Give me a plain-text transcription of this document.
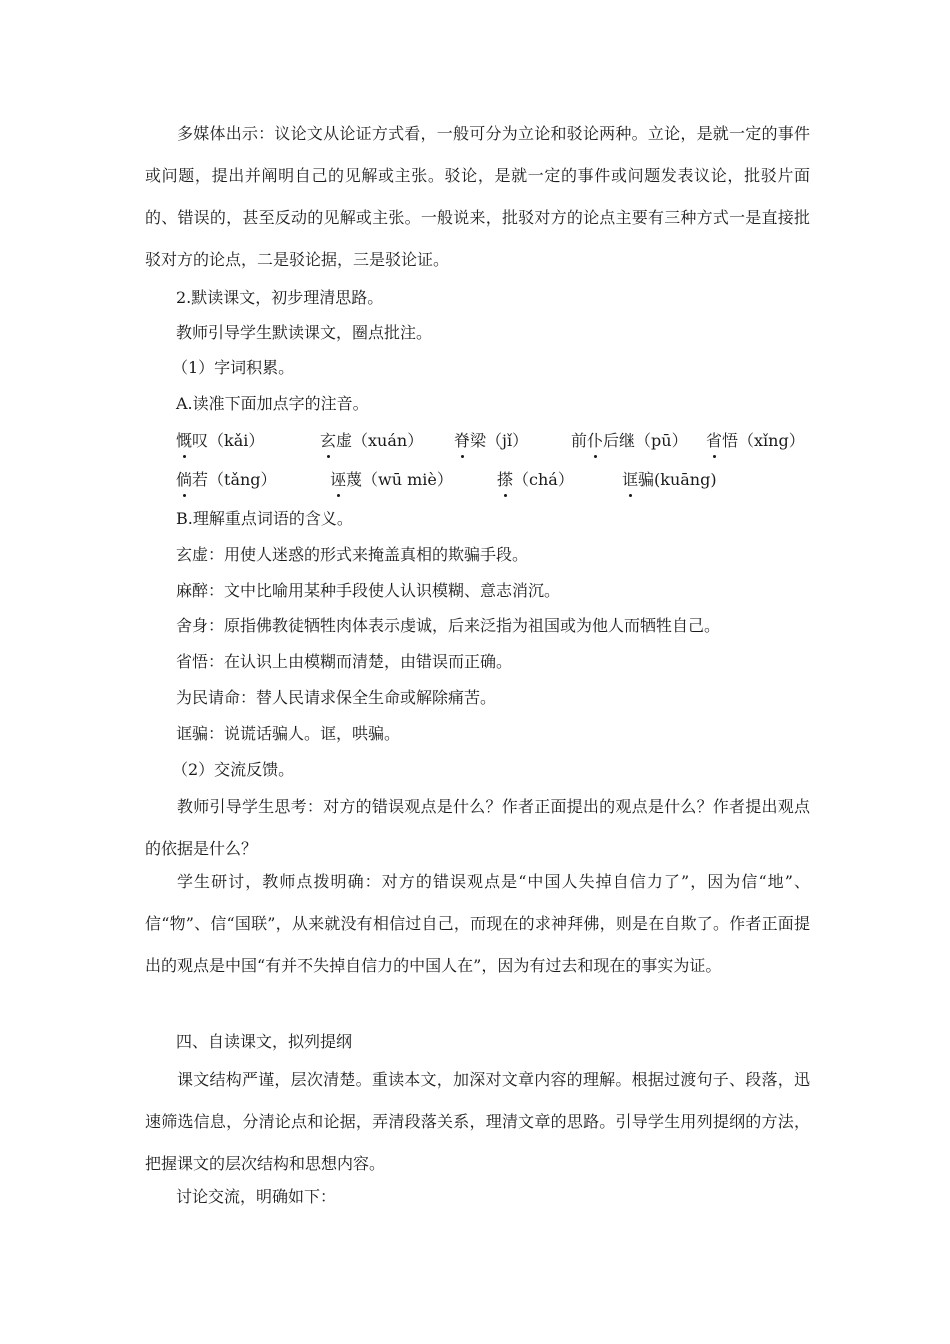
多媒体出示：议论文从论证方式看，一般可分为立论和驳论两种。立论，是就一定的事件或问题，提出并阐明自己的见解或主张。驳论，是就一定的事件或问题发表议论，批驳片面的、错误的，甚至反动的见解或主张。一般说来，批驳对方的论点主要有三种方式一是直接批驳对方的论点，二是驳论据，三是驳论证。

2.默读课文，初步理清思路。
教师引导学生默读课文，圈点批注。
（1）字词积累。
A.读准下面加点字的注音。
慨叹（kǎi）	玄虚（xuán） 脊梁（jǐ）	前仆后继（pū） 省悟（xǐng）
倘若（tǎng）	诬蔑（wū miè）	搽（chá）	诓骗(kuāng)
B.理解重点词语的含义。
玄虚：用使人迷惑的形式来掩盖真相的欺骗手段。
麻醉：文中比喻用某种手段使人认识模糊、意志消沉。
舍身：原指佛教徒牺牲肉体表示虔诚，后来泛指为祖国或为他人而牺牲自己。
省悟：在认识上由模糊而清楚，由错误而正确。
为民请命：替人民请求保全生命或解除痛苦。
诓骗：说谎话骗人。诓，哄骗。
（2）交流反馈。

教师引导学生思考：对方的错误观点是什么？作者正面提出的观点是什么？作者提出观点的依据是什么？

学生研讨，教师点拨明确：对方的错误观点是“中国人失掉自信力了”，因为信“地”、信“物”、信“国联”，从来就没有相信过自己，而现在的求神拜佛，则是在自欺了。作者正面提出的观点是中国“有并不失掉自信力的中国人在”，因为有过去和现在的事实为证。

四、自读课文，拟列提纲

课文结构严谨，层次清楚。重读本文，加深对文章内容的理解。根据过渡句子、段落，迅速筛选信息，分清论点和论据，弄清段落关系，理清文章的思路。引导学生用列提纲的方法，把握课文的层次结构和思想内容。

讨论交流，明确如下：
